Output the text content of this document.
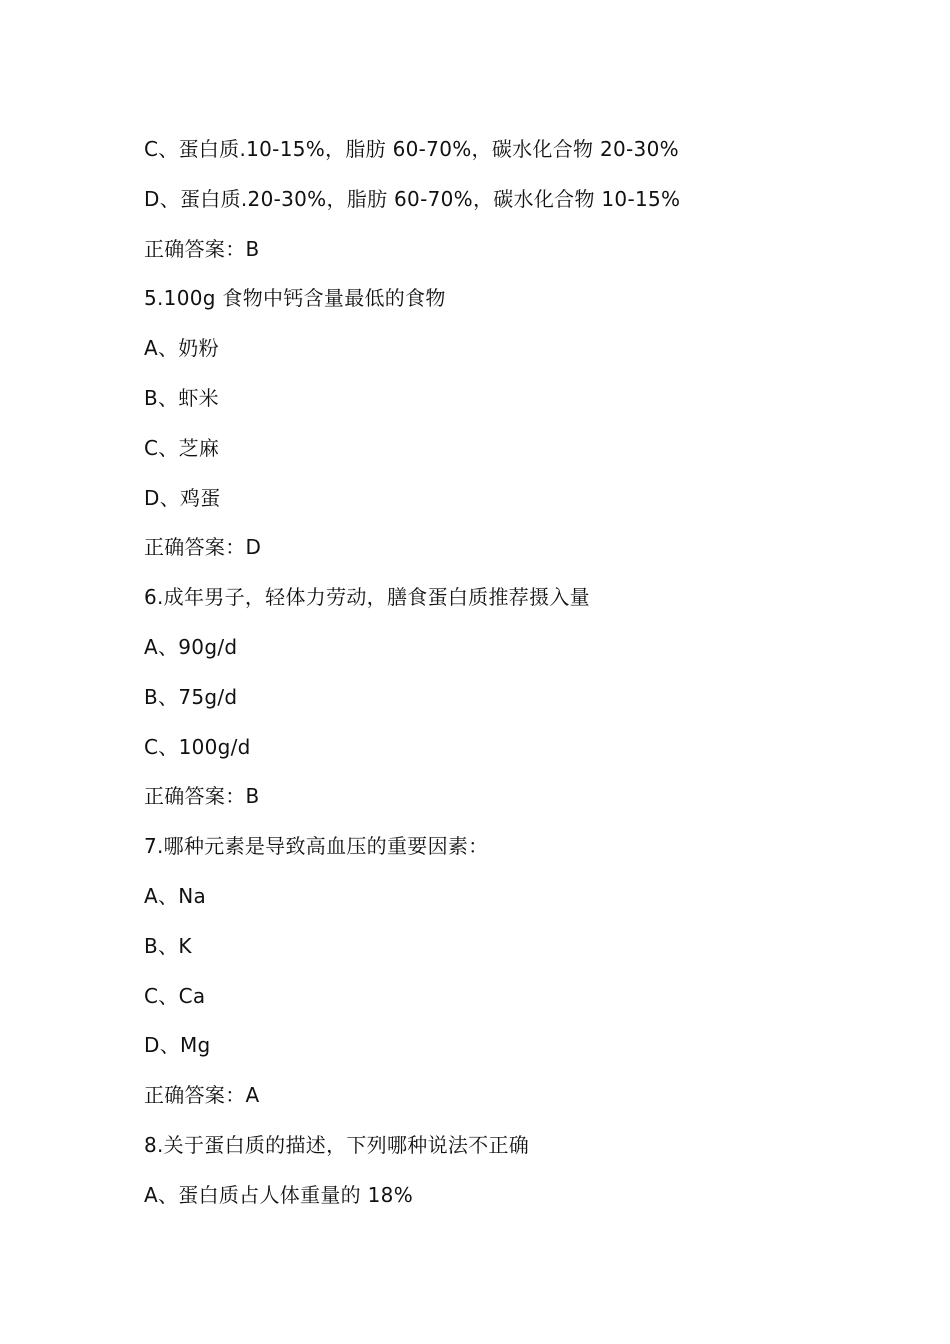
C、蛋白质.10-15%，脂肪 60-70%，碳水化合物 20-30%
D、蛋白质.20-30%，脂肪 60-70%，碳水化合物 10-15%
正确答案：B
5.100g 食物中钙含量最低的食物
A、奶粉
B、虾米
C、芝麻
D、鸡蛋
正确答案：D
6.成年男子，轻体力劳动，膳食蛋白质推荐摄入量
A、90g/d
B、75g/d
C、100g/d
正确答案：B
7.哪种元素是导致高血压的重要因素：
A、Na
B、K
C、Ca
D、Mg
正确答案：A
8.关于蛋白质的描述，下列哪种说法不正确
A、蛋白质占人体重量的 18%
